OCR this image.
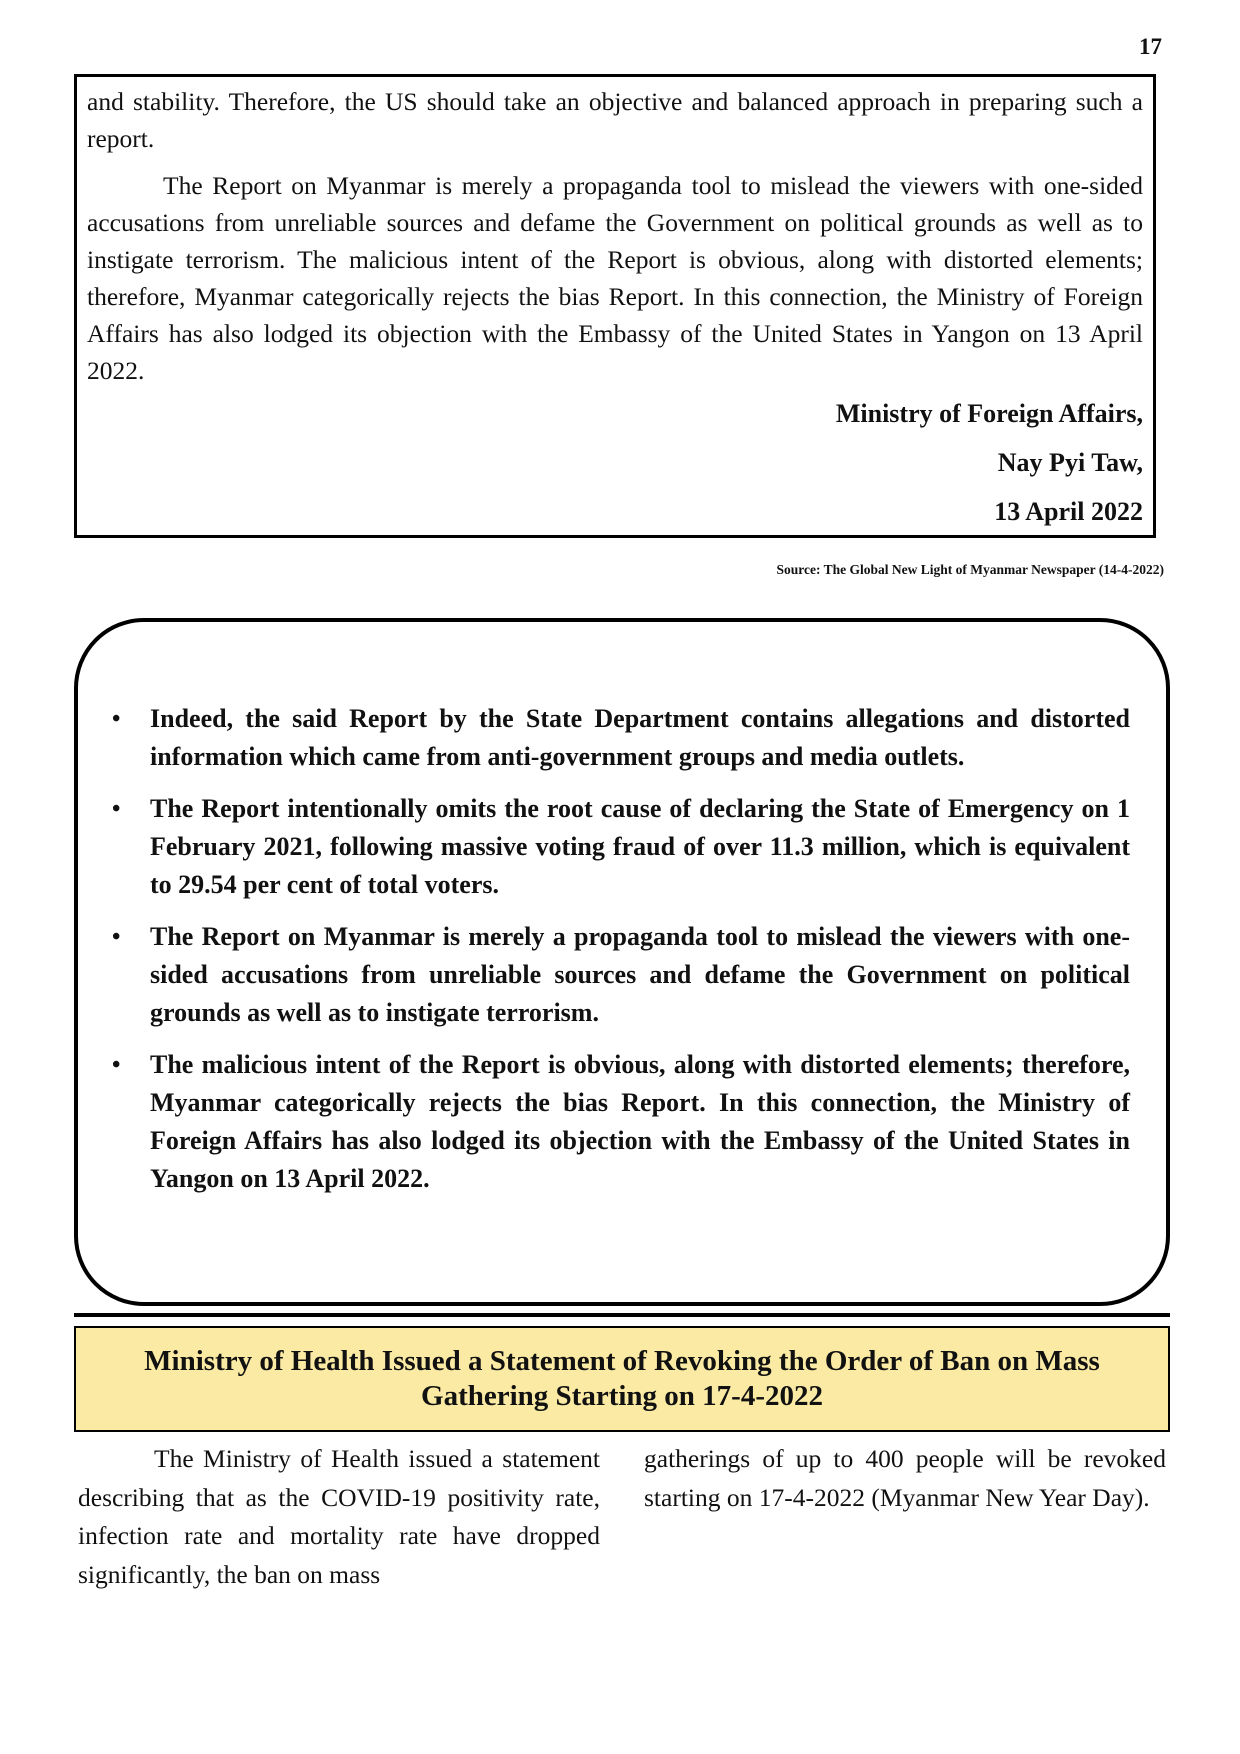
17

and stability. Therefore, the US should take an objective and balanced approach in preparing such a report.

The Report on Myanmar is merely a propaganda tool to mislead the viewers with one-sided accusations from unreliable sources and defame the Government on political grounds as well as to instigate terrorism. The malicious intent of the Report is obvious, along with distorted elements; therefore, Myanmar categorically rejects the bias Report. In this connection, the Ministry of Foreign Affairs has also lodged its objection with the Embassy of the United States in Yangon on 13 April 2022.

Ministry of Foreign Affairs,
Nay Pyi Taw,
13 April 2022
Source: The Global New Light of Myanmar Newspaper (14-4-2022)
• Indeed, the said Report by the State Department contains allegations and distorted information which came from anti-government groups and media outlets.
• The Report intentionally omits the root cause of declaring the State of Emergency on 1 February 2021, following massive voting fraud of over 11.3 million, which is equivalent to 29.54 per cent of total voters.
• The Report on Myanmar is merely a propaganda tool to mislead the viewers with one-sided accusations from unreliable sources and defame the Government on political grounds as well as to instigate terrorism.
• The malicious intent of the Report is obvious, along with distorted elements; therefore, Myanmar categorically rejects the bias Report. In this connection, the Ministry of Foreign Affairs has also lodged its objection with the Embassy of the United States in Yangon on 13 April 2022.
Ministry of Health Issued a Statement of Revoking the Order of Ban on Mass Gathering Starting on 17-4-2022
The Ministry of Health issued a statement describing that as the COVID-19 positivity rate, infection rate and mortality rate have dropped significantly, the ban on mass
gatherings of up to 400 people will be revoked starting on 17-4-2022 (Myanmar New Year Day).
